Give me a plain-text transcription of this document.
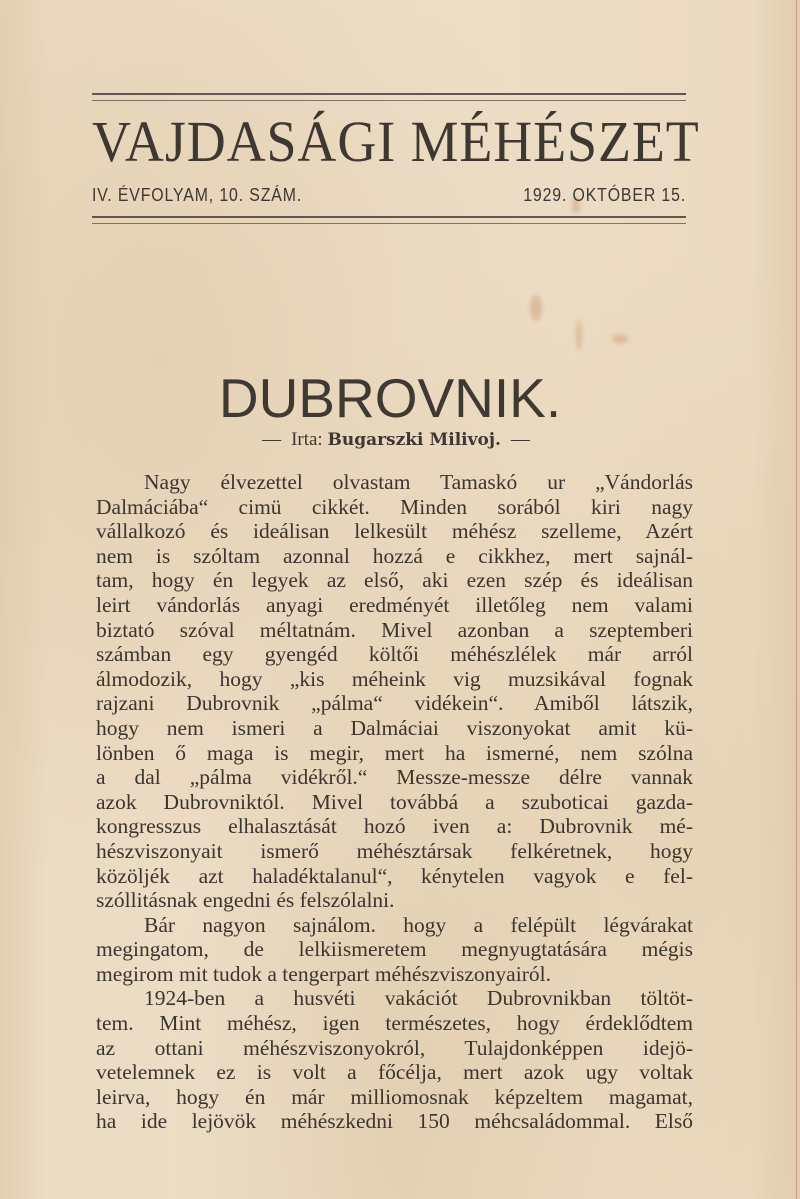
VAJDASÁGI MÉHÉSZET
IV. ÉVFOLYAM, 10. SZÁM.	1929. OKTÓBER 15.
DUBROVNIK.
— Irta: Bugarszki Milivoj. —
Nagy élvezettel olvastam Tamaskó ur „Vándorlás
Dalmáciába“ cimü cikkét. Minden sorából kiri nagy
vállalkozó és ideálisan lelkesült méhész szelleme, Azért
nem is szóltam azonnal hozzá e cikkhez, mert sajnál-
tam, hogy én legyek az első, aki ezen szép és ideálisan
leirt vándorlás anyagi eredményét illetőleg nem valami
biztató szóval méltatnám. Mivel azonban a szeptemberi
számban egy gyengéd költői méhészlélek már arról
álmodozik, hogy „kis méheink vig muzsikával fognak
rajzani Dubrovnik „pálma“ vidékein“. Amiből látszik,
hogy nem ismeri a Dalmáciai viszonyokat amit kü-
lönben ő maga is megir, mert ha ismerné, nem szólna
a dal „pálma vidékről.“ Messze-messze délre vannak
azok Dubrovniktól. Mivel továbbá a szuboticai gazda-
kongresszus elhalasztását hozó iven a: Dubrovnik mé-
hészviszonyait ismerő méhésztársak felkéretnek, hogy
közöljék azt haladéktalanul“, kénytelen vagyok e fel-
szóllitásnak engedni és felszólalni.
Bár nagyon sajnálom. hogy a felépült légvárakat
megingatom, de lelkiismeretem megnyugtatására mégis
megirom mit tudok a tengerpart méhészviszonyairól.
1924-ben a husvéti vakációt Dubrovnikban töltöt-
tem. Mint méhész, igen természetes, hogy érdeklődtem
az ottani méhészviszonyokról, Tulajdonképpen idejö-
vetelemnek ez is volt a főcélja, mert azok ugy voltak
leirva, hogy én már milliomosnak képzeltem magamat,
ha ide lejövök méhészkedni 150 méhcsaládommal. Első
